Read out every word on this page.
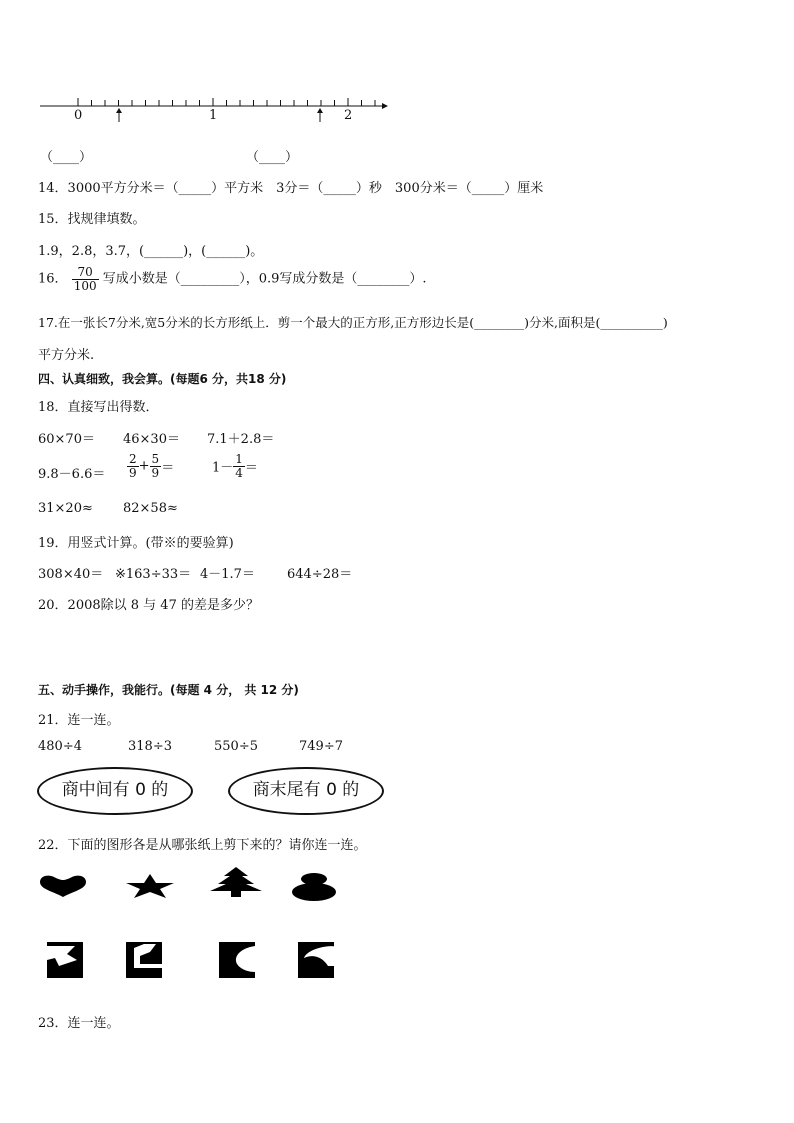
0	1	2
（____）	（____）
14．3000平方分米＝（_____）平方米　3分＝（_____）秒　300分米＝（_____）厘米
15．找规律填数。
1.9，2.8，3.7，(______)，(______)。
16． $\frac{70}{100}$ 写成小数是（_________），0.9写成分数是（________）.
17.在一张长7分米,宽5分米的长方形纸上．剪一个最大的正方形,正方形边长是(________)分米,面积是(__________)
平方分米.
四、认真细致，我会算。(每题6 分，共18 分)
18．直接写出得数．
60×70＝ 46×30＝ 7.1＋2.8＝
$9.8-6.6= \frac{2}{9} + \frac{5}{9}$ ＝	$1- \frac{1}{4}$ ＝
31×20≈ 82×58≈
19．用竖式计算。(带※的要验算)
308×40＝ ※163÷33＝ 4－1.7＝ 644÷28＝
20．2008除以 8 与 47 的差是多少？
五、动手操作，我能行。(每题 4 分， 共 12 分)
21．连一连。
480÷4	318÷3	550÷5	749÷7
商中间有 0 的	商末尾有 0 的
22．下面的图形各是从哪张纸上剪下来的？请你连一连。
23．连一连。
